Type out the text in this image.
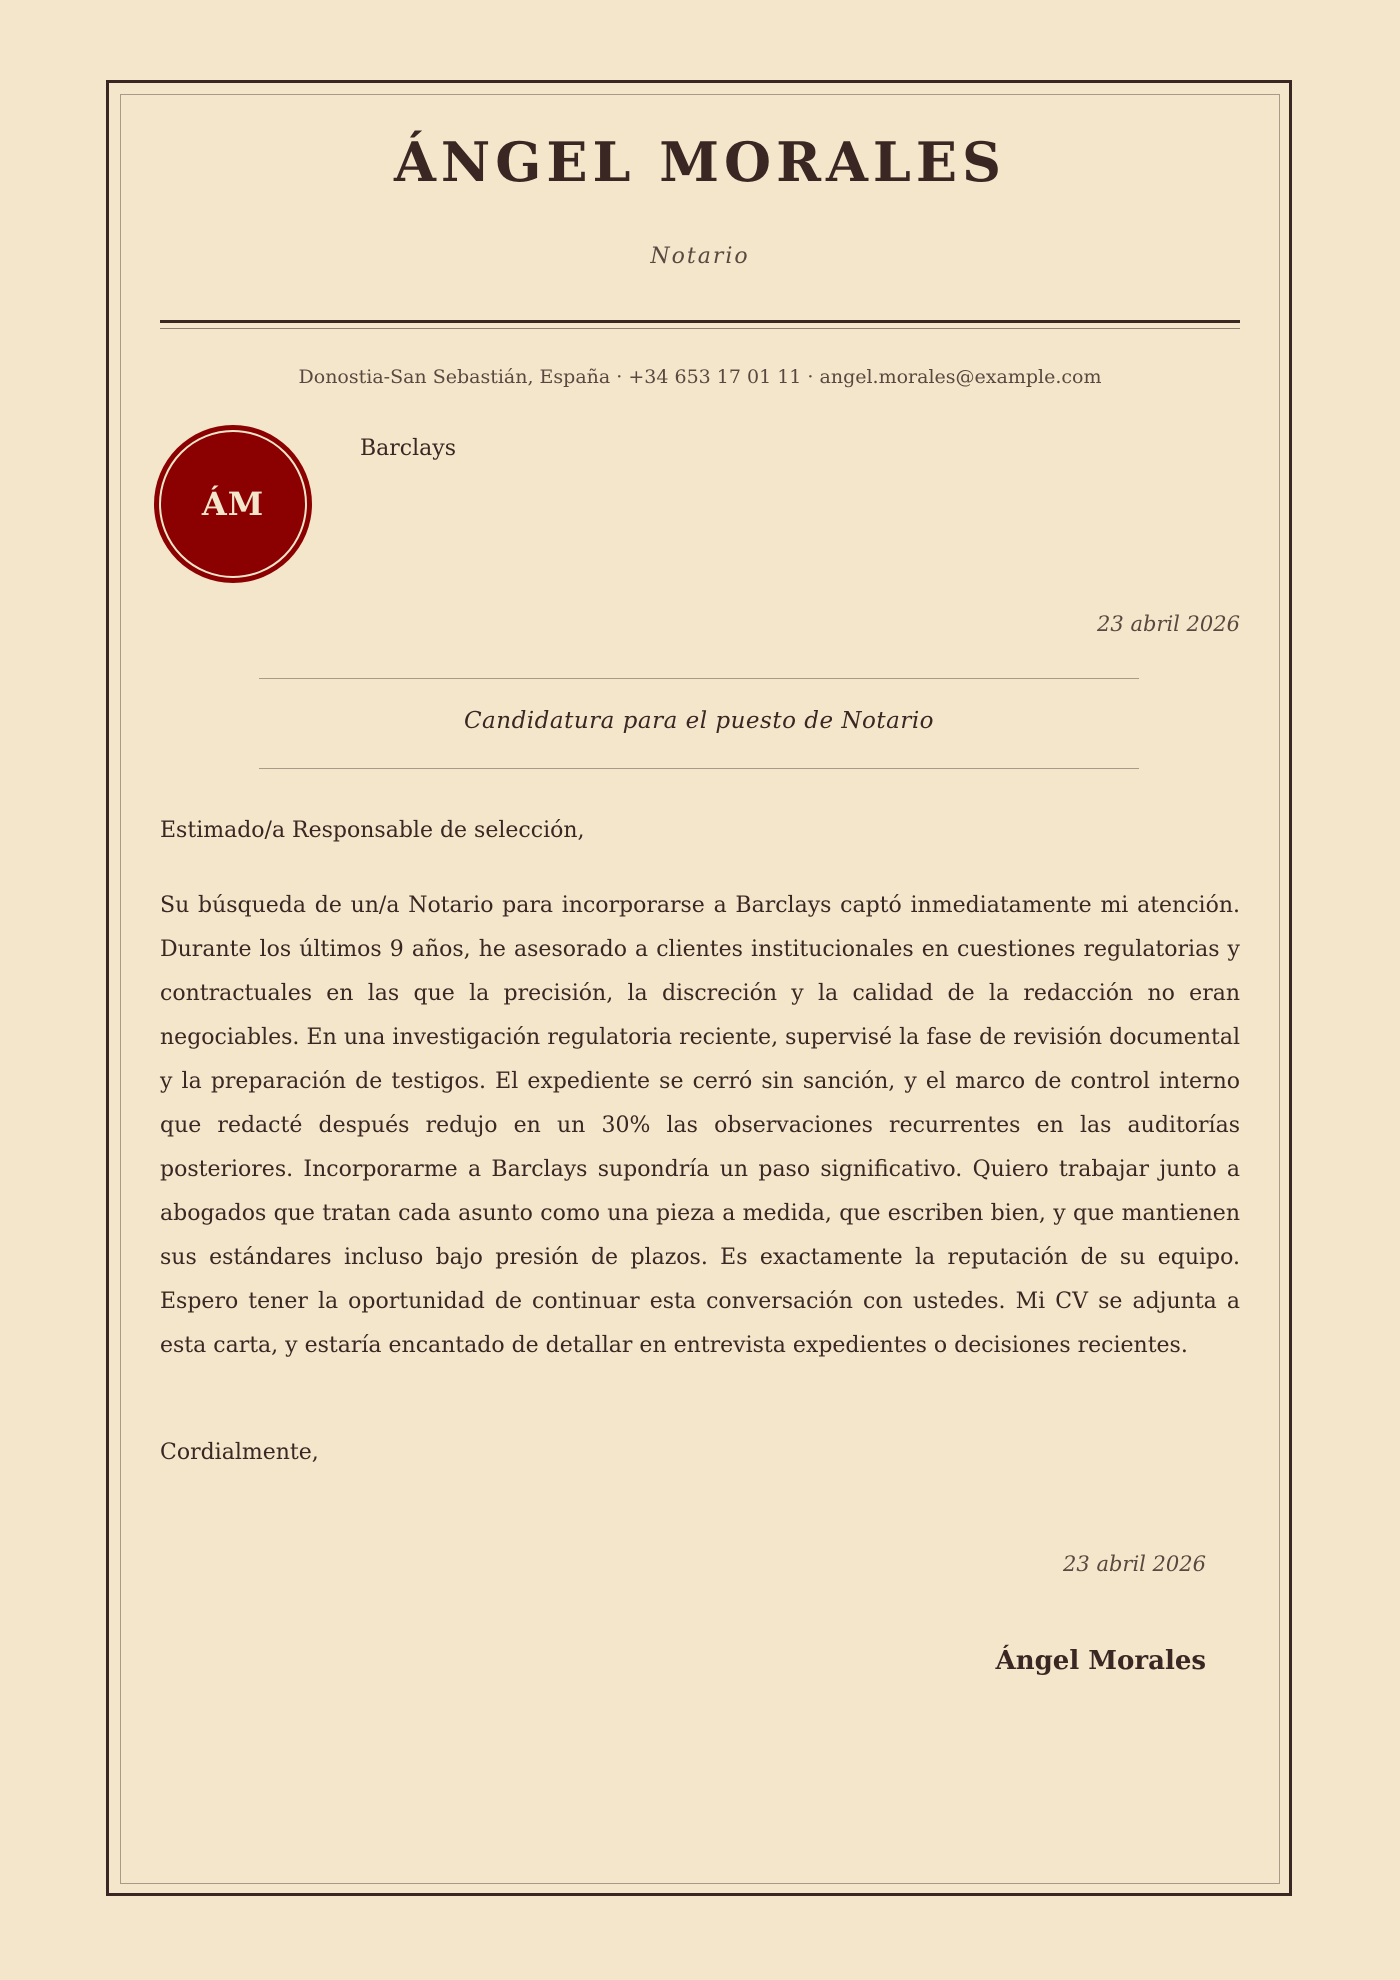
ÁNGEL MORALES
Notario
Donostia-San Sebastián, España · +34 653 17 01 11 · angel.morales@example.com
ÁM
Barclays
23 abril 2026
Candidatura para el puesto de Notario
Estimado/a Responsable de selección,

Su búsqueda de un/a Notario para incorporarse a Barclays captó inmediatamente mi atención. Durante los últimos 9 años, he asesorado a clientes institucionales en cuestiones regulatorias y contractuales en las que la precisión, la discreción y la calidad de la redacción no eran negociables. En una investigación regulatoria reciente, supervisé la fase de revisión documental y la preparación de testigos. El expediente se cerró sin sanción, y el marco de control interno que redacté después redujo en un 30% las observaciones recurrentes en las auditorías posteriores. Incorporarme a Barclays supondría un paso significativo. Quiero trabajar junto a abogados que tratan cada asunto como una pieza a medida, que escriben bien, y que mantienen sus estándares incluso bajo presión de plazos. Es exactamente la reputación de su equipo. Espero tener la oportunidad de continuar esta conversación con ustedes. Mi CV se adjunta a esta carta, y estaría encantado de detallar en entrevista expedientes o decisiones recientes.

Cordialmente,
23 abril 2026
Ángel Morales
